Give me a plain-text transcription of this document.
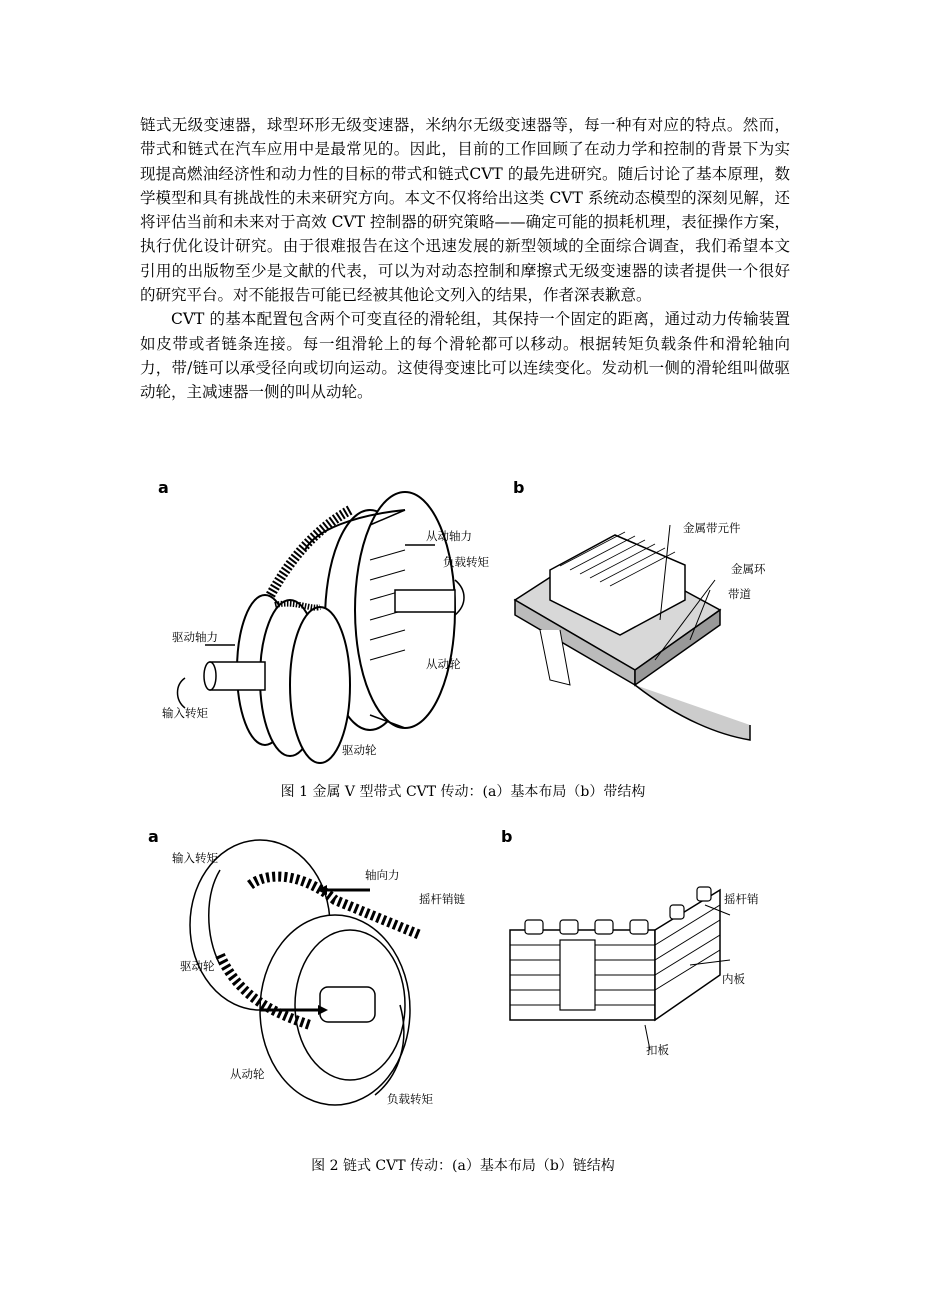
链式无级变速器，球型环形无级变速器，米纳尔无级变速器等，每一种有对应的特点。然而，带式和链式在汽车应用中是最常见的。因此，目前的工作回顾了在动力学和控制的背景下为实现提高燃油经济性和动力性的目标的带式和链式CVT 的最先进研究。随后讨论了基本原理，数学模型和具有挑战性的未来研究方向。本文不仅将给出这类 CVT 系统动态模型的深刻见解，还将评估当前和未来对于高效 CVT 控制器的研究策略——确定可能的损耗机理，表征操作方案，执行优化设计研究。由于很难报告在这个迅速发展的新型领域的全面综合调查，我们希望本文引用的出版物至少是文献的代表，可以为对动态控制和摩擦式无级变速器的读者提供一个很好的研究平台。对不能报告可能已经被其他论文列入的结果，作者深表歉意。

CVT 的基本配置包含两个可变直径的滑轮组，其保持一个固定的距离，通过动力传输装置如皮带或者链条连接。每一组滑轮上的每个滑轮都可以移动。根据转矩负载条件和滑轮轴向力，带/链可以承受径向或切向运动。这使得变速比可以连续变化。发动机一侧的滑轮组叫做驱动轮，主减速器一侧的叫从动轮。

a	b
从动轴力
负载转矩
驱动轴力
从动轮
输入转矩
驱动轮
金属带元件
金属环
带道
图 1 金属 V 型带式 CVT 传动：(a）基本布局（b）带结构
a	b
输入转矩
轴向力
摇杆销链
驱动轮
从动轮
负载转矩
摇杆销
内板
扣板
图 2 链式 CVT 传动：(a）基本布局（b）链结构
